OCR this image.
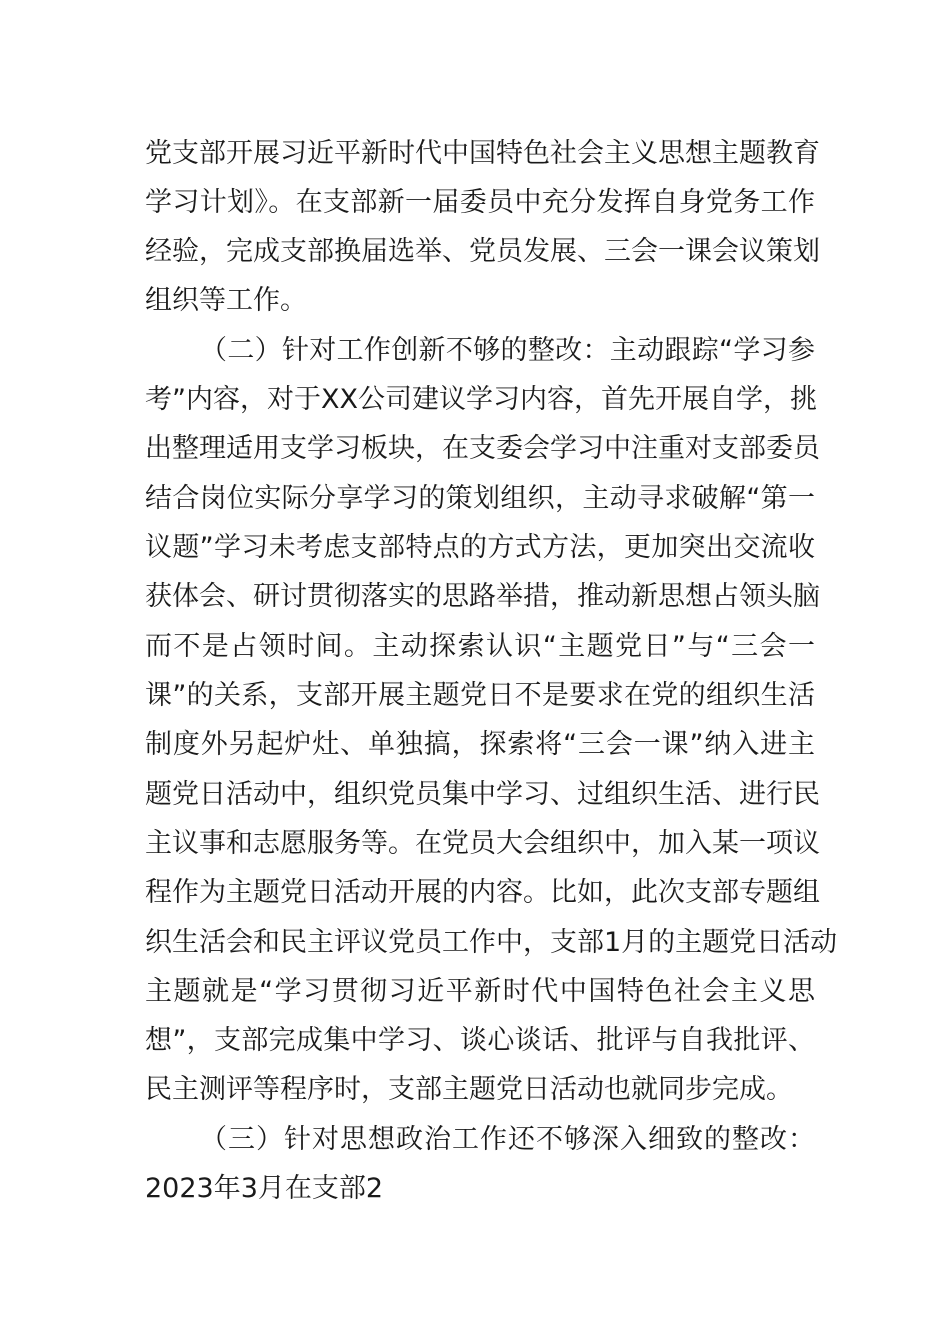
党支部开展习近平新时代中国特色社会主义思想主题教育
学习计划》。在支部新一届委员中充分发挥自身党务工作
经验，完成支部换届选举、党员发展、三会一课会议策划
组织等工作。
（二）针对工作创新不够的整改：主动跟踪“学习参
考”内容，对于XX公司建议学习内容，首先开展自学，挑
出整理适用支学习板块，在支委会学习中注重对支部委员
结合岗位实际分享学习的策划组织，主动寻求破解“第一
议题”学习未考虑支部特点的方式方法，更加突出交流收
获体会、研讨贯彻落实的思路举措，推动新思想占领头脑
而不是占领时间。主动探索认识“主题党日”与“三会一
课”的关系，支部开展主题党日不是要求在党的组织生活
制度外另起炉灶、单独搞，探索将“三会一课”纳入进主
题党日活动中，组织党员集中学习、过组织生活、进行民
主议事和志愿服务等。在党员大会组织中，加入某一项议
程作为主题党日活动开展的内容。比如，此次支部专题组
织生活会和民主评议党员工作中，支部1月的主题党日活动
主题就是“学习贯彻习近平新时代中国特色社会主义思
想”，支部完成集中学习、谈心谈话、批评与自我批评、
民主测评等程序时，支部主题党日活动也就同步完成。
（三）针对思想政治工作还不够深入细致的整改：
2023年3月在支部2
